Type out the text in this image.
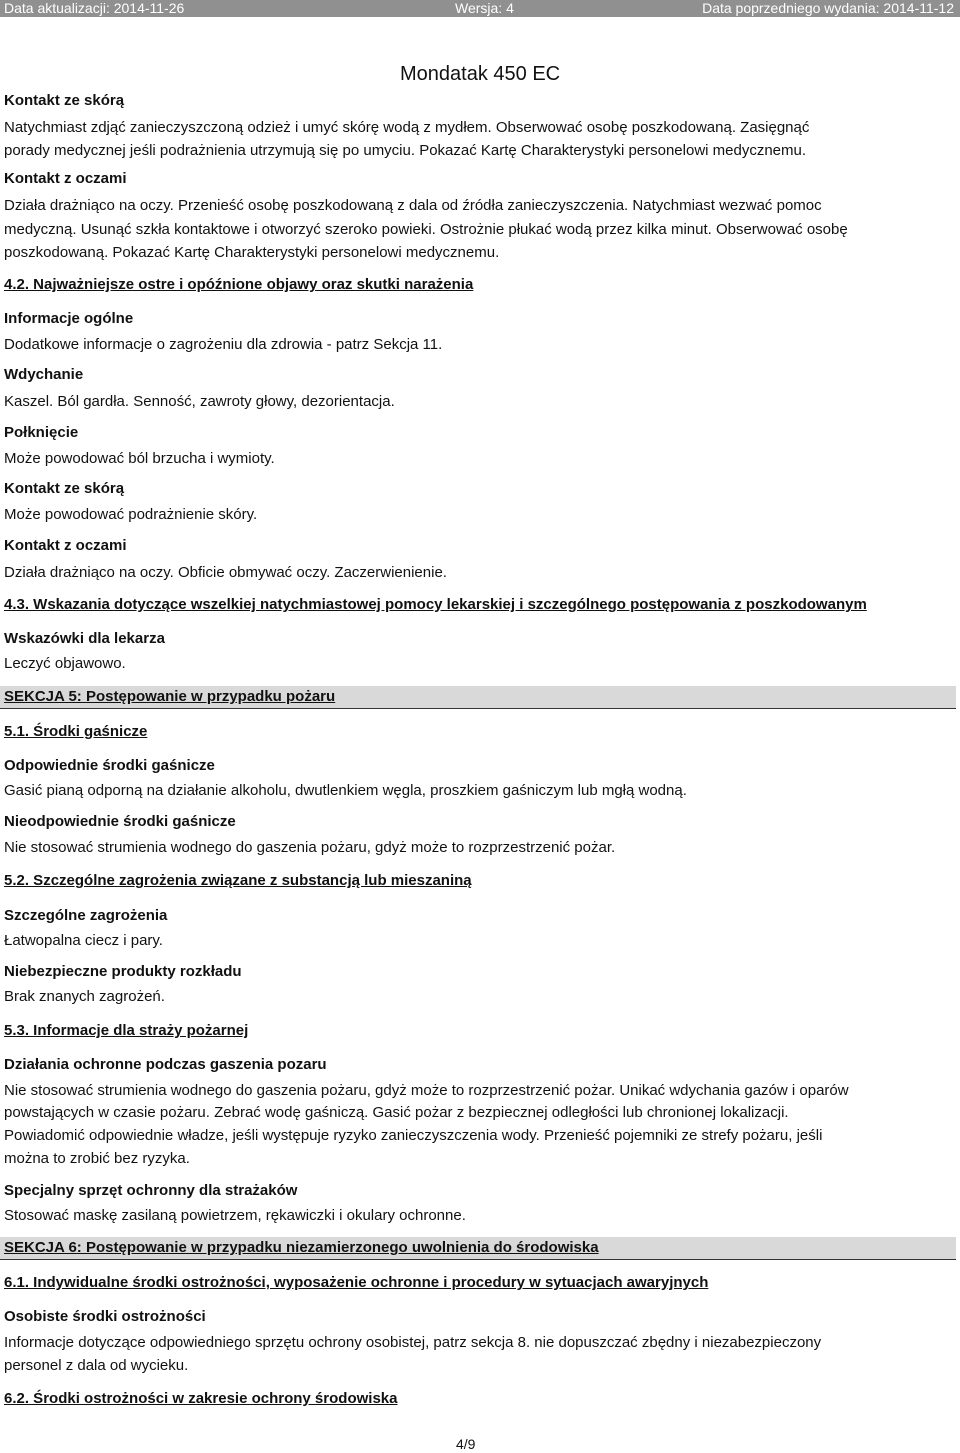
Data aktualizacji: 2014-11-26	Wersja: 4	Data poprzedniego wydania: 2014-11-12
Mondatak 450 EC
Kontakt ze skórą
Natychmiast zdjąć zanieczyszczoną odzież i umyć skórę wodą z mydłem. Obserwować osobę poszkodowaną. Zasięgnąć
porady medycznej jeśli podrażnienia utrzymują się po umyciu. Pokazać Kartę Charakterystyki personelowi medycznemu.
Kontakt z oczami
Działa drażniąco na oczy. Przenieść osobę poszkodowaną z dala od źródła zanieczyszczenia. Natychmiast wezwać pomoc
medyczną. Usunąć szkła kontaktowe i otworzyć szeroko powieki. Ostrożnie płukać wodą przez kilka minut. Obserwować osobę
poszkodowaną. Pokazać Kartę Charakterystyki personelowi medycznemu.
4.2. Najważniejsze ostre i opóźnione objawy oraz skutki narażenia
Informacje ogólne
Dodatkowe informacje o zagrożeniu dla zdrowia - patrz Sekcja 11.
Wdychanie
Kaszel. Ból gardła. Senność, zawroty głowy, dezorientacja.
Połknięcie
Może powodować ból brzucha i wymioty.
Kontakt ze skórą
Może powodować podrażnienie skóry.
Kontakt z oczami
Działa drażniąco na oczy. Obficie obmywać oczy. Zaczerwienienie.
4.3. Wskazania dotyczące wszelkiej natychmiastowej pomocy lekarskiej i szczególnego postępowania z poszkodowanym
Wskazówki dla lekarza
Leczyć objawowo.
SEKCJA 5: Postępowanie w przypadku pożaru
5.1. Środki gaśnicze
Odpowiednie środki gaśnicze
Gasić pianą odporną na działanie alkoholu, dwutlenkiem węgla, proszkiem gaśniczym lub mgłą wodną.
Nieodpowiednie środki gaśnicze
Nie stosować strumienia wodnego do gaszenia pożaru, gdyż może to rozprzestrzenić pożar.
5.2. Szczególne zagrożenia związane z substancją lub mieszaniną
Szczególne zagrożenia
Łatwopalna ciecz i pary.
Niebezpieczne produkty rozkładu
Brak znanych zagrożeń.
5.3. Informacje dla straży pożarnej
Działania ochronne podczas gaszenia pozaru
Nie stosować strumienia wodnego do gaszenia pożaru, gdyż może to rozprzestrzenić pożar. Unikać wdychania gazów i oparów
powstających w czasie pożaru. Zebrać wodę gaśniczą. Gasić pożar z bezpiecznej odległości lub chronionej lokalizacji.
Powiadomić odpowiednie władze, jeśli występuje ryzyko zanieczyszczenia wody. Przenieść pojemniki ze strefy pożaru, jeśli
można to zrobić bez ryzyka.
Specjalny sprzęt ochronny dla strażaków
Stosować maskę zasilaną powietrzem, rękawiczki i okulary ochronne.
SEKCJA 6: Postępowanie w przypadku niezamierzonego uwolnienia do środowiska
6.1. Indywidualne środki ostrożności, wyposażenie ochronne i procedury w sytuacjach awaryjnych
Osobiste środki ostrożności
Informacje dotyczące odpowiedniego sprzętu ochrony osobistej, patrz sekcja 8. nie dopuszczać zbędny i niezabezpieczony
personel z dala od wycieku.
6.2. Środki ostrożności w zakresie ochrony środowiska
4/9
